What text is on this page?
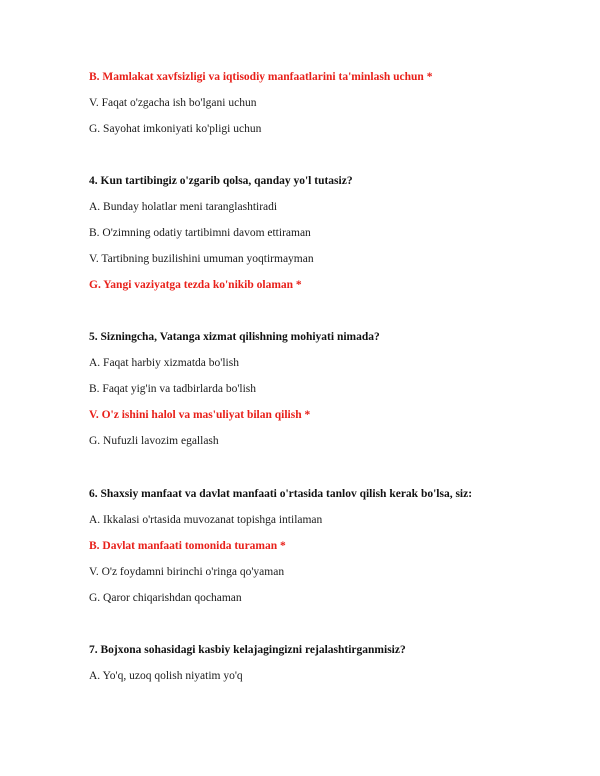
B. Mamlakat xavfsizligi va iqtisodiy manfaatlarini ta'minlash uchun *
V. Faqat o'zgacha ish bo'lgani uchun
G. Sayohat imkoniyati ko'pligi uchun
4. Kun tartibingiz o'zgarib qolsa, qanday yo'l tutasiz?
A. Bunday holatlar meni taranglashtiradi
B. O'zimning odatiy tartibimni davom ettiraman
V. Tartibning buzilishini umuman yoqtirmayman
G. Yangi vaziyatga tezda ko'nikib olaman *
5. Sizningcha, Vatanga xizmat qilishning mohiyati nimada?
A. Faqat harbiy xizmatda bo'lish
B. Faqat yig'in va tadbirlarda bo'lish
V. O'z ishini halol va mas'uliyat bilan qilish *
G. Nufuzli lavozim egallash
6. Shaxsiy manfaat va davlat manfaati o'rtasida tanlov qilish kerak bo'lsa, siz:
A. Ikkalasi o'rtasida muvozanat topishga intilaman
B. Davlat manfaati tomonida turaman *
V. O'z foydamni birinchi o'ringa qo'yaman
G. Qaror chiqarishdan qochaman
7. Bojxona sohasidagi kasbiy kelajagingizni rejalashtirganmisiz?
A. Yo'q, uzoq qolish niyatim yo'q
